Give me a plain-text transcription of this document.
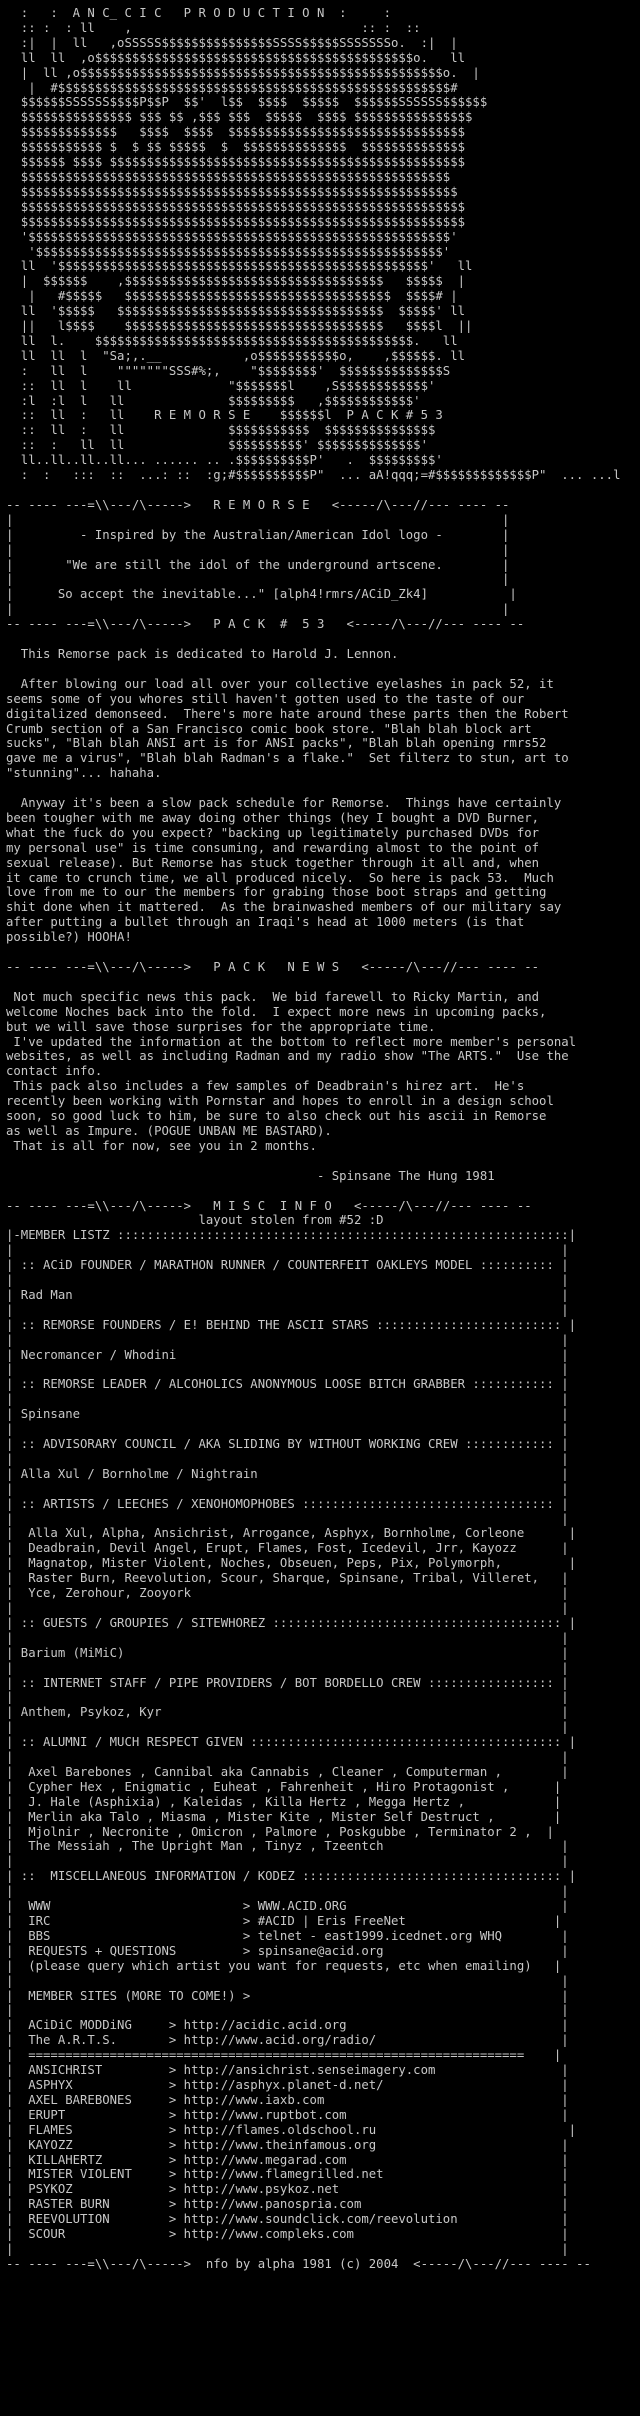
:   :  A N C_ C I C   P R O D U C T I O N  :     :
:: :  : ll    ,                               :: :  ::
:|  |  ll   ,oSSSSS$$$$$$$$$$$$$$$SSSS$$$$$SSSSSSSo.  :|  |
ll  ll  ,o$$$$$$$$$$$$$$$$$$$$$$$$$$$$$$$$$$$$$$$$$$$o.   ll
|  ll ,o$$$$$$$$$$$$$$$$$$$$$$$$$$$$$$$$$$$$$$$$$$$$$$$$$o.  |
|  #$$$$$$$$$$$$$$$$$$$$$$$$$$$$$$$$$$$$$$$$$$$$$$$$$$$$$#
$$$$$$SSSSSS$$$$P$$P  $$'  l$$  $$$$  $$$$$  $$$$$$SSSSSS$$$$$$
$$$$$$$$$$$$$$$ $$$ $$ ,$$$ $$$  $$$$$  $$$$ $$$$$$$$$$$$$$$$
$$$$$$$$$$$$$   $$$$  $$$$  $$$$$$$$$$$$$$$$$$$$$$$$$$$$$$$$
$$$$$$$$$$$ $  $ $$ $$$$$  $  $$$$$$$$$$$$$$  $$$$$$$$$$$$$$
$$$$$$ $$$$ $$$$$$$$$$$$$$$$$$$$$$$$$$$$$$$$$$$$$$$$$$$$$$$$
$$$$$$$$$$$$$$$$$$$$$$$$$$$$$$$$$$$$$$$$$$$$$$$$$$$$$$$$$$
$$$$$$$$$$$$$$$$$$$$$$$$$$$$$$$$$$$$$$$$$$$$$$$$$$$$$$$$$$$
$$$$$$$$$$$$$$$$$$$$$$$$$$$$$$$$$$$$$$$$$$$$$$$$$$$$$$$$$$$$
$$$$$$$$$$$$$$$$$$$$$$$$$$$$$$$$$$$$$$$$$$$$$$$$$$$$$$$$$$$$
'$$$$$$$$$$$$$$$$$$$$$$$$$$$$$$$$$$$$$$$$$$$$$$$$$$$$$$$$$'
'$$$$$$$$$$$$$$$$$$$$$$$$$$$$$$$$$$$$$$$$$$$$$$$$$$$$$$$'
ll  '$$$$$$$$$$$$$$$$$$$$$$$$$$$$$$$$$$$$$$$$$$$$$$$$$$'   ll
|  $$$$$$    ,$$$$$$$$$$$$$$$$$$$$$$$$$$$$$$$$$$$   $$$$$  |
|   #$$$$$   $$$$$$$$$$$$$$$$$$$$$$$$$$$$$$$$$$$$  $$$$# |
ll  '$$$$$   $$$$$$$$$$$$$$$$$$$$$$$$$$$$$$$$$$$$  $$$$$' ll
||   l$$$$    $$$$$$$$$$$$$$$$$$$$$$$$$$$$$$$$$$$   $$$$l  ||
ll  l.    $$$$$$$$$$$$$$$$$$$$$$$$$$$$$$$$$$$$$$$$$$$.   ll
ll  ll  l  "Sa;,.__           ,o$$$$$$$$$$$o,    ,$$$$$$. ll
:   ll  l    """""""SSS#%;,    "$$$$$$$$'  $$$$$$$$$$$$$$S
::  ll  l    ll             "$$$$$$$l    ,S$$$$$$$$$$$$'
:l  :l  l   ll              $$$$$$$$$   ,$$$$$$$$$$$$'
::  ll  :   ll    R E M O R S E    $$$$$$l  P A C K # 5 3
::  ll  :   ll              $$$$$$$$$$$  $$$$$$$$$$$$$$$
::  :   ll  ll              $$$$$$$$$$' $$$$$$$$$$$$$$'
ll..ll..ll..ll... ...... .. .$$$$$$$$$$P'   .  $$$$$$$$$'
:  :   :::  ::  ...: ::  :g;#$$$$$$$$$$P"  ... aA!qqq;=#$$$$$$$$$$$$$P"  ... ...l

-- ---- ---=\\---/\----->   R E M O R S E   <-----/\---//--- ---- --
|                                                                  |
|         - Inspired by the Australian/American Idol logo -        |
|                                                                  |
|       "We are still the idol of the underground artscene.        |
|                                                                  |
|      So accept the inevitable..." [alph4!rmrs/ACiD_Zk4]           |
|                                                                  |
-- ---- ---=\\---/\----->   P A C K  #  5 3   <-----/\---//--- ---- --

This Remorse pack is dedicated to Harold J. Lennon.

After blowing our load all over your collective eyelashes in pack 52, it
seems some of you whores still haven't gotten used to the taste of our
digitalized demonseed.  There's more hate around these parts then the Robert
Crumb section of a San Francisco comic book store. "Blah blah block art
sucks", "Blah blah ANSI art is for ANSI packs", "Blah blah opening rmrs52
gave me a virus", "Blah blah Radman's a flake."  Set filterz to stun, art to
"stunning"... hahaha.

Anyway it's been a slow pack schedule for Remorse.  Things have certainly
been tougher with me away doing other things (hey I bought a DVD Burner,
what the fuck do you expect? "backing up legitimately purchased DVDs for
my personal use" is time consuming, and rewarding almost to the point of
sexual release). But Remorse has stuck together through it all and, when
it came to crunch time, we all produced nicely.  So here is pack 53.  Much
love from me to our the members for grabing those boot straps and getting
shit done when it mattered.  As the brainwashed members of our military say
after putting a bullet through an Iraqi's head at 1000 meters (is that
possible?) HOOHA!

-- ---- ---=\\---/\----->   P A C K   N E W S   <-----/\---//--- ---- --

Not much specific news this pack.  We bid farewell to Ricky Martin, and
welcome Noches back into the fold.  I expect more news in upcoming packs,
but we will save those surprises for the appropriate time.
I've updated the information at the bottom to reflect more member's personal
websites, as well as including Radman and my radio show "The ARTS."  Use the
contact info.
This pack also includes a few samples of Deadbrain's hirez art.  He's
recently been working with Pornstar and hopes to enroll in a design school
soon, so good luck to him, be sure to also check out his ascii in Remorse
as well as Impure. (POGUE UNBAN ME BASTARD).
That is all for now, see you in 2 months.

- Spinsane The Hung 1981

-- ---- ---=\\---/\----->   M I S C  I N F O   <-----/\---//--- ---- --
layout stolen from #52 :D
|-MEMBER LISTZ :::::::::::::::::::::::::::::::::::::::::::::::::::::::::::::|
|                                                                          |
| :: ACiD FOUNDER / MARATHON RUNNER / COUNTERFEIT OAKLEYS MODEL :::::::::: |
|                                                                          |
| Rad Man                                                                  |
|                                                                          |
| :: REMORSE FOUNDERS / E! BEHIND THE ASCII STARS ::::::::::::::::::::::::: |
|                                                                          |
| Necromancer / Whodini                                                    |
|                                                                          |
| :: REMORSE LEADER / ALCOHOLICS ANONYMOUS LOOSE BITCH GRABBER ::::::::::: |
|                                                                          |
| Spinsane                                                                 |
|                                                                          |
| :: ADVISORARY COUNCIL / AKA SLIDING BY WITHOUT WORKING CREW :::::::::::: |
|                                                                          |
| Alla Xul / Bornholme / Nightrain                                         |
|                                                                          |
| :: ARTISTS / LEECHES / XENOHOMOPHOBES :::::::::::::::::::::::::::::::::: |
|                                                                          |
|  Alla Xul, Alpha, Ansichrist, Arrogance, Asphyx, Bornholme, Corleone      |
|  Deadbrain, Devil Angel, Erupt, Flames, Fost, Icedevil, Jrr, Kayozz      |
|  Magnatop, Mister Violent, Noches, Obseuen, Peps, Pix, Polymorph,         |
|  Raster Burn, Reevolution, Scour, Sharque, Spinsane, Tribal, Villeret,   |
|  Yce, Zerohour, Zooyork                                                  |
|                                                                          |
| :: GUESTS / GROUPIES / SITEWHOREZ ::::::::::::::::::::::::::::::::::::::: |
|                                                                          |
| Barium (MiMiC)                                                           |
|                                                                          |
| :: INTERNET STAFF / PIPE PROVIDERS / BOT BORDELLO CREW ::::::::::::::::: |
|                                                                          |
| Anthem, Psykoz, Kyr                                                      |
|                                                                          |
| :: ALUMNI / MUCH RESPECT GIVEN :::::::::::::::::::::::::::::::::::::::::: |
|                                                                          |
|  Axel Barebones , Cannibal aka Cannabis , Cleaner , Computerman ,        |
|  Cypher Hex , Enigmatic , Euheat , Fahrenheit , Hiro Protagonist ,      |
|  J. Hale (Asphixia) , Kaleidas , Killa Hertz , Megga Hertz ,            |
|  Merlin aka Talo , Miasma , Mister Kite , Mister Self Destruct ,        |
|  Mjolnir , Necronite , Omicron , Palmore , Poskgubbe , Terminator 2 ,  |
|  The Messiah , The Upright Man , Tinyz , Tzeentch                        |
|                                                                          |
| ::  MISCELLANEOUS INFORMATION / KODEZ ::::::::::::::::::::::::::::::::::: |
|                                                                          |
|  WWW                          > WWW.ACID.ORG                             |
|  IRC                          > #ACID | Eris FreeNet                    |
|  BBS                          > telnet - east1999.icednet.org WHQ        |
|  REQUESTS + QUESTIONS         > spinsane@acid.org                        |
|  (please query which artist you want for requests, etc when emailing)   |
|                                                                          |
|  MEMBER SITES (MORE TO COME!) >                                          |
|                                                                          |
|  ACiDiC MODDiNG     > http://acidic.acid.org                             |
|  The A.R.T.S.       > http://www.acid.org/radio/                         |
|  ===================================================================    |
|  ANSICHRIST         > http://ansichrist.senseimagery.com                 |
|  ASPHYX             > http://asphyx.planet-d.net/                        |
|  AXEL BAREBONES     > http://www.iaxb.com                                |
|  ERUPT              > http://www.ruptbot.com                             |
|  FLAMES             > http://flames.oldschool.ru                          |
|  KAYOZZ             > http://www.theinfamous.org                         |
|  KILLAHERTZ         > http://www.megarad.com                             |
|  MISTER VIOLENT     > http://www.flamegrilled.net                        |
|  PSYKOZ             > http://www.psykoz.net                              |
|  RASTER BURN        > http://www.panospria.com                           |
|  REEVOLUTION        > http://www.soundclick.com/reevolution              |
|  SCOUR              > http://www.compleks.com                            |
|                                                                          |
-- ---- ---=\\---/\----->  nfo by alpha 1981 (c) 2004  <-----/\---//--- ---- --
